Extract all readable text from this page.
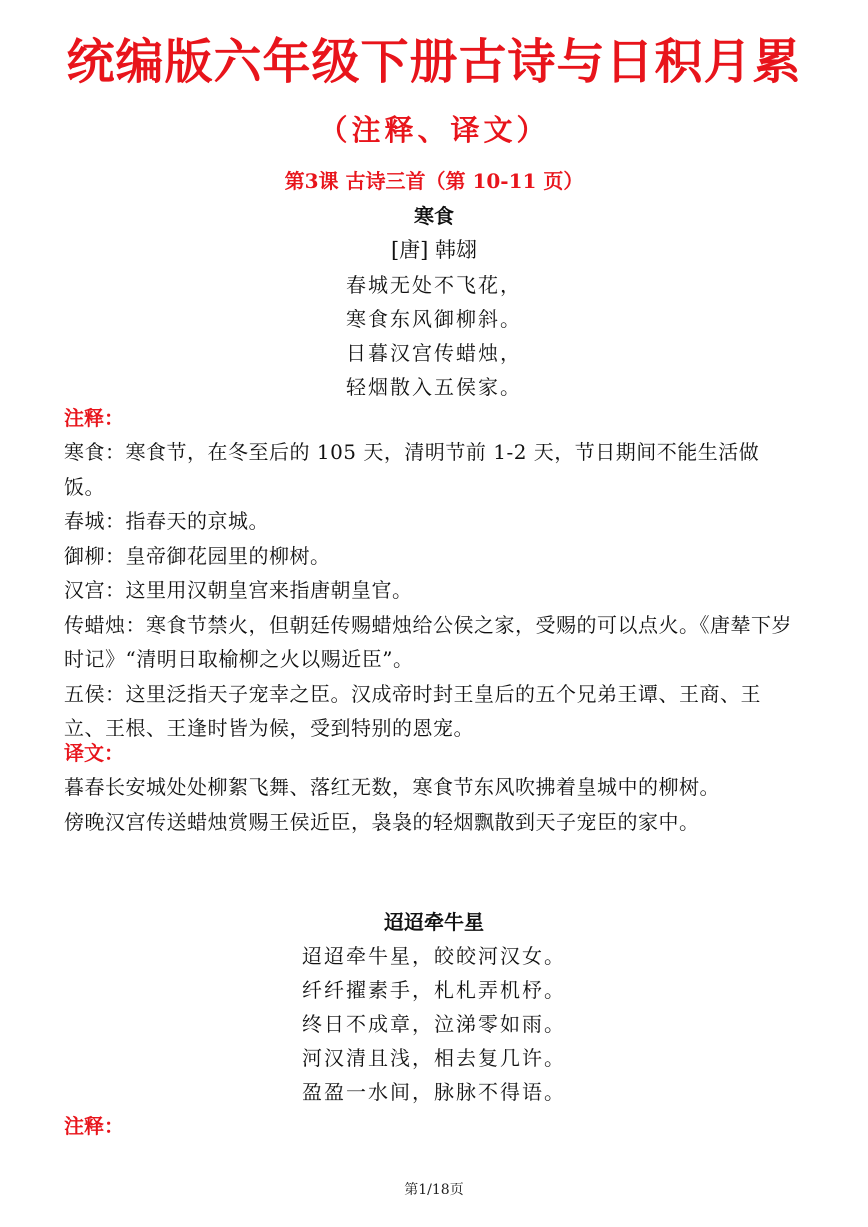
统编版六年级下册古诗与日积月累
（注释、译文）
第3课 古诗三首（第 10-11 页）
寒食
[唐] 韩翃
春城无处不飞花，
寒食东风御柳斜。
日暮汉宫传蜡烛，
轻烟散入五侯家。
注释：

寒食：寒食节，在冬至后的 105 天，清明节前 1-2 天，节日期间不能生活做饭。

春城：指春天的京城。

御柳：皇帝御花园里的柳树。

汉宫：这里用汉朝皇宫来指唐朝皇官。

传蜡烛：寒食节禁火，但朝廷传赐蜡烛给公侯之家，受赐的可以点火。《唐辇下岁时记》“清明日取榆柳之火以赐近臣”。

五侯：这里泛指天子宠幸之臣。汉成帝时封王皇后的五个兄弟王谭、王商、王立、王根、王逢时皆为候，受到特别的恩宠。

译文：

暮春长安城处处柳絮飞舞、落红无数，寒食节东风吹拂着皇城中的柳树。

傍晚汉宫传送蜡烛赏赐王侯近臣，袅袅的轻烟飘散到天子宠臣的家中。

迢迢牵牛星
迢迢牵牛星，皎皎河汉女。
纤纤擢素手，札札弄机杼。
终日不成章，泣涕零如雨。
河汉清且浅，相去复几许。
盈盈一水间，脉脉不得语。
注释：
第1/18页
